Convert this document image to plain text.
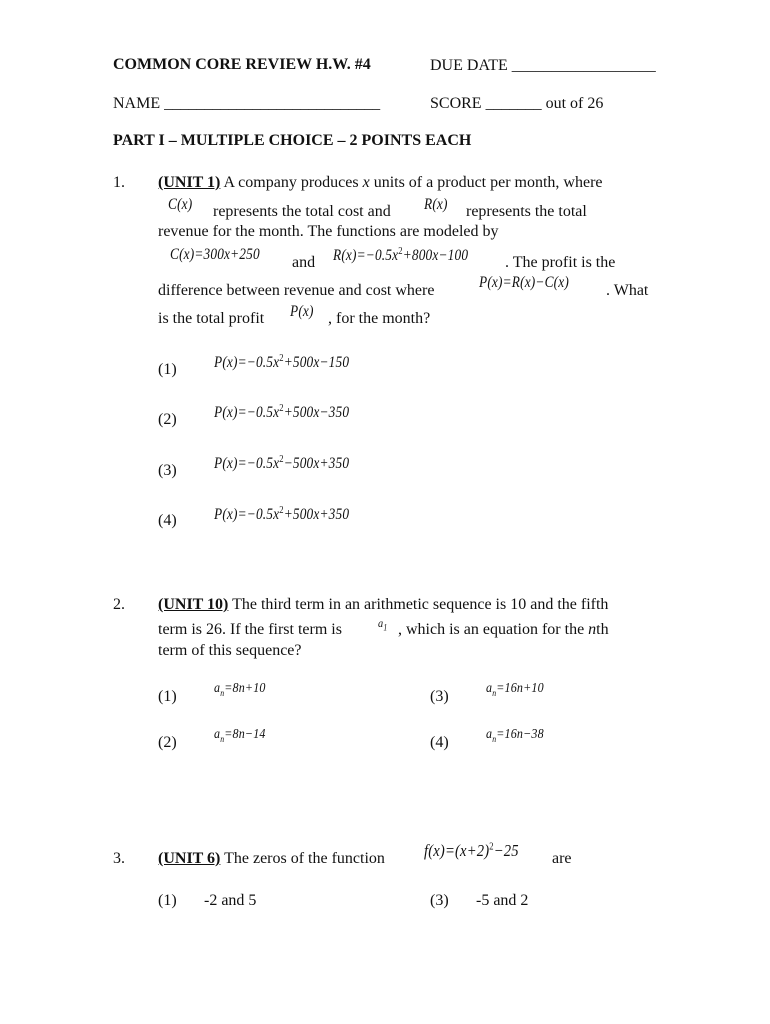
COMMON CORE REVIEW H.W. #4	DUE DATE __________________
NAME ___________________________	SCORE _______ out of 26
PART I – MULTIPLE CHOICE – 2 POINTS EACH
1. (UNIT 1) A company produces x units of a product per month, where
C(x) represents the total cost and R(x) represents the total
revenue for the month. The functions are modeled by
C(x)=300x+250 and $R(x)=-0.5x^2+800x-100$ . The profit is the
difference between revenue and cost where	P(x)=R(x)−C(x) . What
is the total profit P(x) , for the month?
(1) $P(x)=-0.5x^2+500x-150$
(2) $P(x)=-0.5x^2+500x-350$
(3) $P(x)=-0.5x^2-500x+350$
(4) $P(x)=-0.5x^2+500x+350$
2. (UNIT 10) The third term in an arithmetic sequence is 10 and the fifth
term is 26. If the first term is	$a_1$ , which is an equation for the nth
term of this sequence?
(1)	$a_n=8n+10$	(3)	$a_n=16n+10$
(2)	$a_n=8n-14$	(4)	$a_n=16n-38$
3. (UNIT 6) The zeros of the function $f(x)=(x+2)^2-25$ are
(1) -2 and 5	(3) -5 and 2
